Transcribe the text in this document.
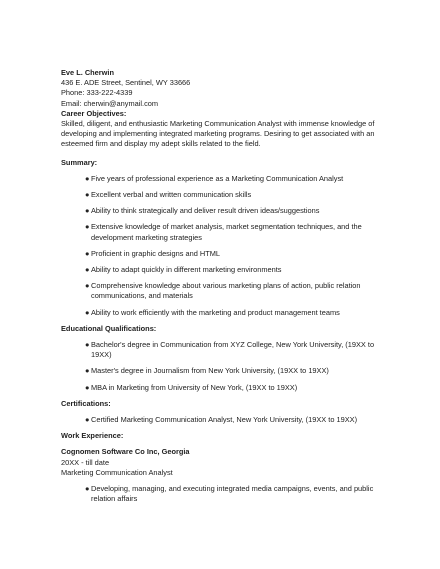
Eve L. Cherwin

436 E. ADE Street, Sentinel, WY 33666

Phone: 333-222-4339

Email: cherwin@anymail.com

Career Objectives:

Skilled, diligent, and enthusiastic Marketing Communication Analyst with immense knowledge of developing and implementing integrated marketing programs. Desiring to get associated with an esteemed firm and display my adept skills related to the field.

Summary:

● Five years of professional experience as a Marketing Communication Analyst
● Excellent verbal and written communication skills
● Ability to think strategically and deliver result driven ideas/suggestions
● Extensive knowledge of market analysis, market segmentation techniques, and the development marketing strategies
● Proficient in graphic designs and HTML
● Ability to adapt quickly in different marketing environments
● Comprehensive knowledge about various marketing plans of action, public relation communications, and materials
● Ability to work efficiently with the marketing and product management teams

Educational Qualifications:

● Bachelor's degree in Communication from XYZ College, New York University, (19XX to 19XX)
● Master's degree in Journalism from New York University, (19XX to 19XX)
● MBA in Marketing from University of New York, (19XX to 19XX)

Certifications:

● Certified Marketing Communication Analyst, New York University, (19XX to 19XX)

Work Experience:

Cognomen Software Co Inc, Georgia

20XX - till date

Marketing Communication Analyst

● Developing, managing, and executing integrated media campaigns, events, and public relation affairs
